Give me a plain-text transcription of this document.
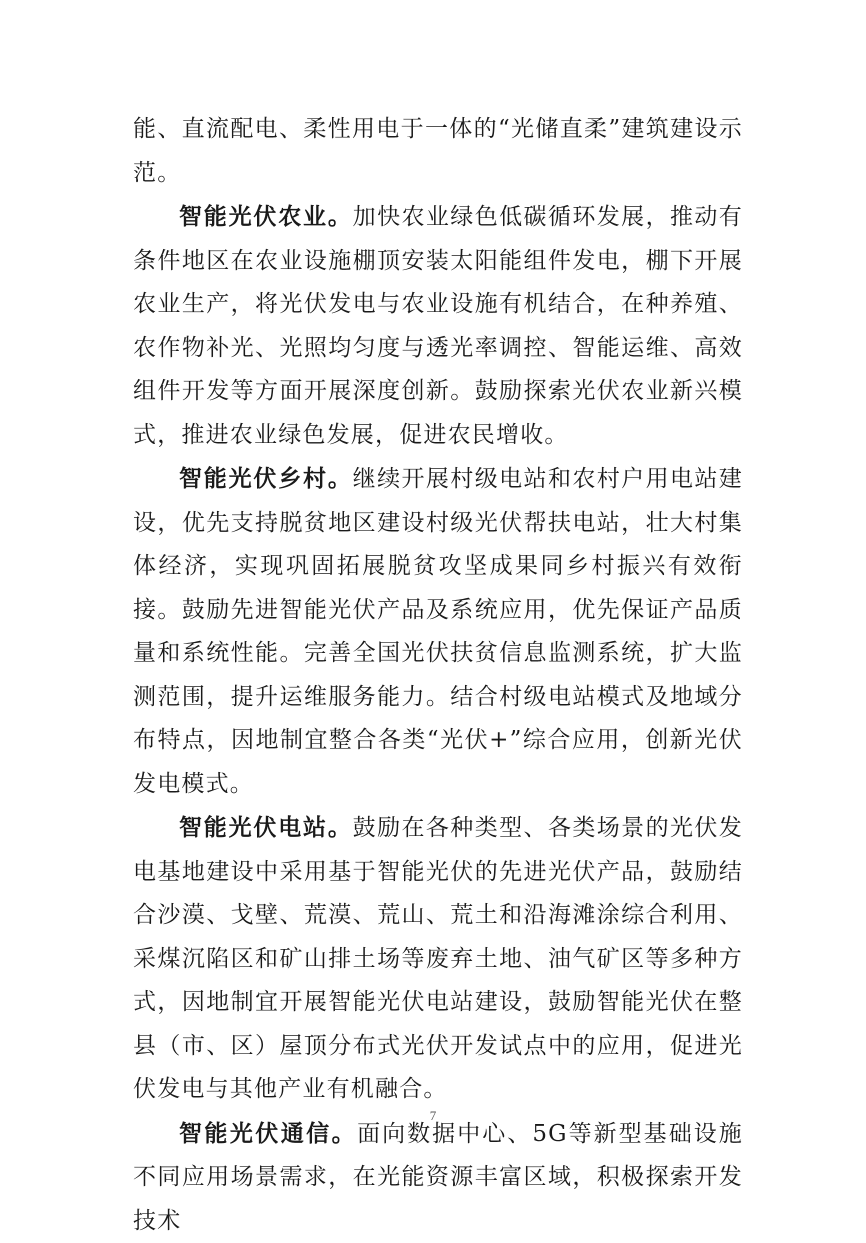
能、直流配电、柔性用电于一体的“光储直柔”建筑建设示范。

智能光伏农业。加快农业绿色低碳循环发展，推动有条件地区在农业设施棚顶安装太阳能组件发电，棚下开展农业生产，将光伏发电与农业设施有机结合，在种养殖、农作物补光、光照均匀度与透光率调控、智能运维、高效组件开发等方面开展深度创新。鼓励探索光伏农业新兴模式，推进农业绿色发展，促进农民增收。

智能光伏乡村。继续开展村级电站和农村户用电站建设，优先支持脱贫地区建设村级光伏帮扶电站，壮大村集体经济，实现巩固拓展脱贫攻坚成果同乡村振兴有效衔接。鼓励先进智能光伏产品及系统应用，优先保证产品质量和系统性能。完善全国光伏扶贫信息监测系统，扩大监测范围，提升运维服务能力。结合村级电站模式及地域分布特点，因地制宜整合各类“光伏+”综合应用，创新光伏发电模式。

智能光伏电站。鼓励在各种类型、各类场景的光伏发电基地建设中采用基于智能光伏的先进光伏产品，鼓励结合沙漠、戈壁、荒漠、荒山、荒土和沿海滩涂综合利用、采煤沉陷区和矿山排土场等废弃土地、油气矿区等多种方式，因地制宜开展智能光伏电站建设，鼓励智能光伏在整县（市、区）屋顶分布式光伏开发试点中的应用，促进光伏发电与其他产业有机融合。

智能光伏通信。面向数据中心、5G等新型基础设施不同应用场景需求，在光能资源丰富区域，积极探索开发技术

7
